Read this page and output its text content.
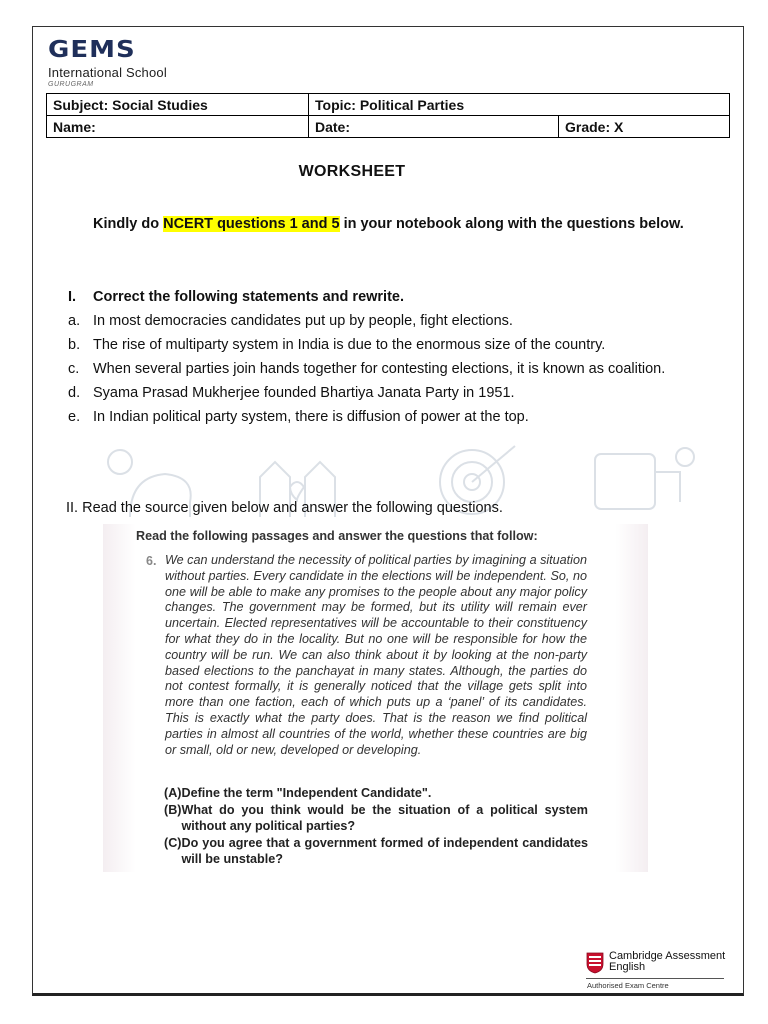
GEMS
International School
GURUGRAM
Subject: Social Studies	Topic: Political Parties	
Name:	Date:	Grade: X
WORKSHEET
Kindly do NCERT questions 1 and 5 in your notebook along with the questions below.
I.	Correct the following statements and rewrite.
a. In most democracies candidates put up by people, fight elections.
b. The rise of multiparty system in India is due to the enormous size of the country.
c. When several parties join hands together for contesting elections, it is known as coalition.
d. Syama Prasad Mukherjee founded Bhartiya Janata Party in 1951.
e. In Indian political party system, there is diffusion of power at the top.
II. Read the source given below and answer the following questions.
Read the following passages and answer the questions that follow:
6. We can understand the necessity of political parties by imagining a situation without parties. Every candidate in the elections will be independent. So, no one will be able to make any promises to the people about any major policy changes. The government may be formed, but its utility will remain ever uncertain. Elected representatives will be accountable to their constituency for what they do in the locality. But no one will be responsible for how the country will be run. We can also think about it by looking at the non-party based elections to the panchayat in many states. Although, the parties do not contest formally, it is generally noticed that the village gets split into more than one faction, each of which puts up a ‘panel’ of its candidates. This is exactly what the party does. That is the reason we find political parties in almost all countries of the world, whether these countries are big or small, old or new, developed or developing.
(A) Define the term "Independent Candidate".
(B) What do you think would be the situation of a political system without any political parties?
(C) Do you agree that a government formed of independent candidates will be unstable?
Cambridge Assessment
English
Authorised Exam Centre
